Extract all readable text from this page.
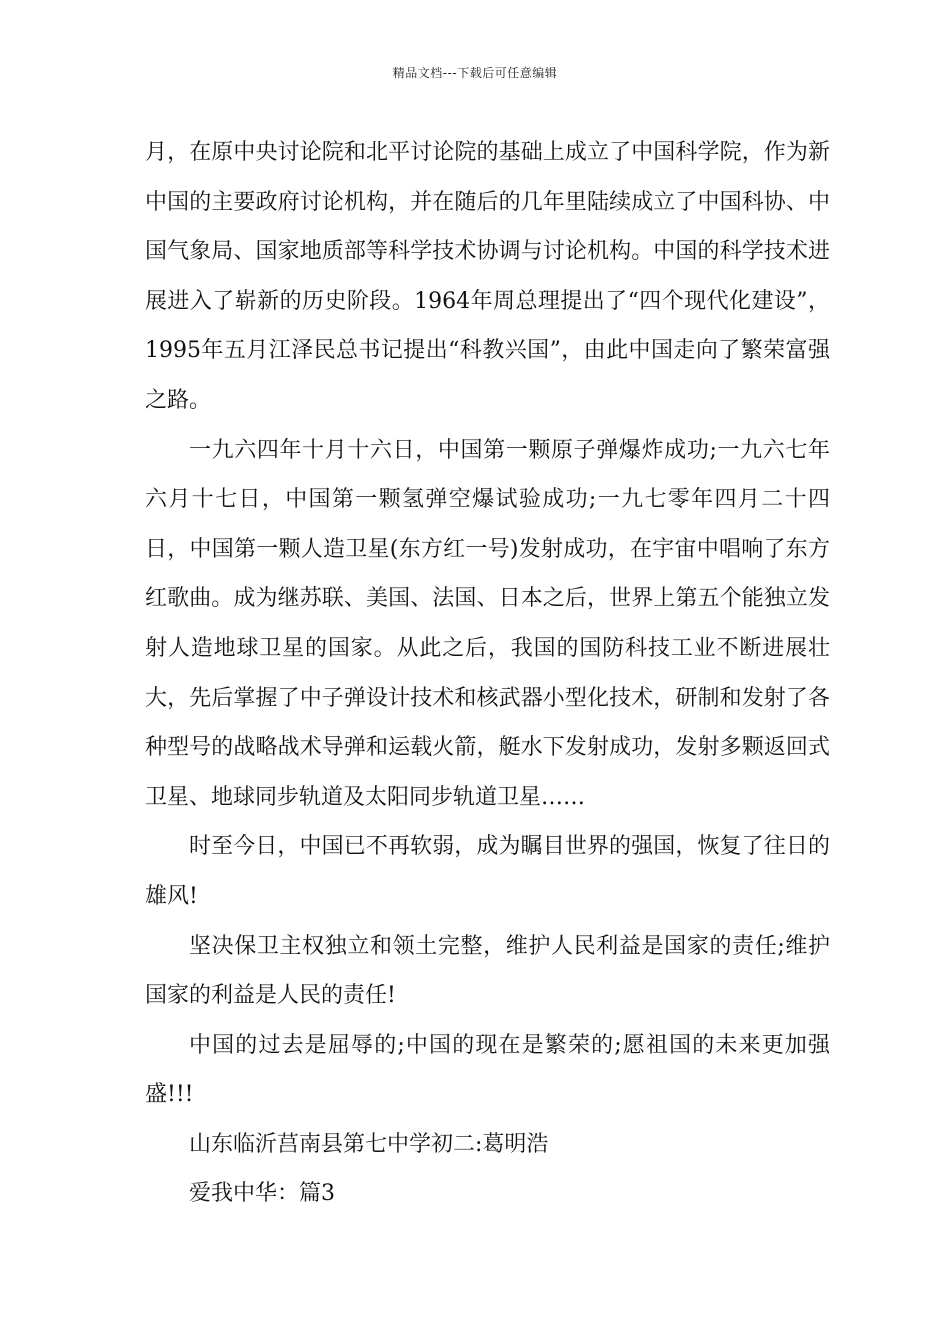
精品文档---下载后可任意编辑

月，在原中央讨论院和北平讨论院的基础上成立了中国科学院，作为新中国的主要政府讨论机构，并在随后的几年里陆续成立了中国科协、中国气象局、国家地质部等科学技术协调与讨论机构。中国的科学技术进展进入了崭新的历史阶段。1964年周总理提出了“四个现代化建设”，1995年五月江泽民总书记提出“科教兴国”，由此中国走向了繁荣富强之路。

一九六四年十月十六日，中国第一颗原子弹爆炸成功;一九六七年六月十七日，中国第一颗氢弹空爆试验成功;一九七零年四月二十四日，中国第一颗人造卫星(东方红一号)发射成功，在宇宙中唱响了东方红歌曲。成为继苏联、美国、法国、日本之后，世界上第五个能独立发射人造地球卫星的国家。从此之后，我国的国防科技工业不断进展壮大，先后掌握了中子弹设计技术和核武器小型化技术，研制和发射了各种型号的战略战术导弹和运载火箭，艇水下发射成功，发射多颗返回式卫星、地球同步轨道及太阳同步轨道卫星……

时至今日，中国已不再软弱，成为瞩目世界的强国，恢复了往日的雄风!

坚决保卫主权独立和领土完整，维护人民利益是国家的责任;维护国家的利益是人民的责任!

中国的过去是屈辱的;中国的现在是繁荣的;愿祖国的未来更加强盛!!!

山东临沂莒南县第七中学初二:葛明浩

爱我中华：篇3
